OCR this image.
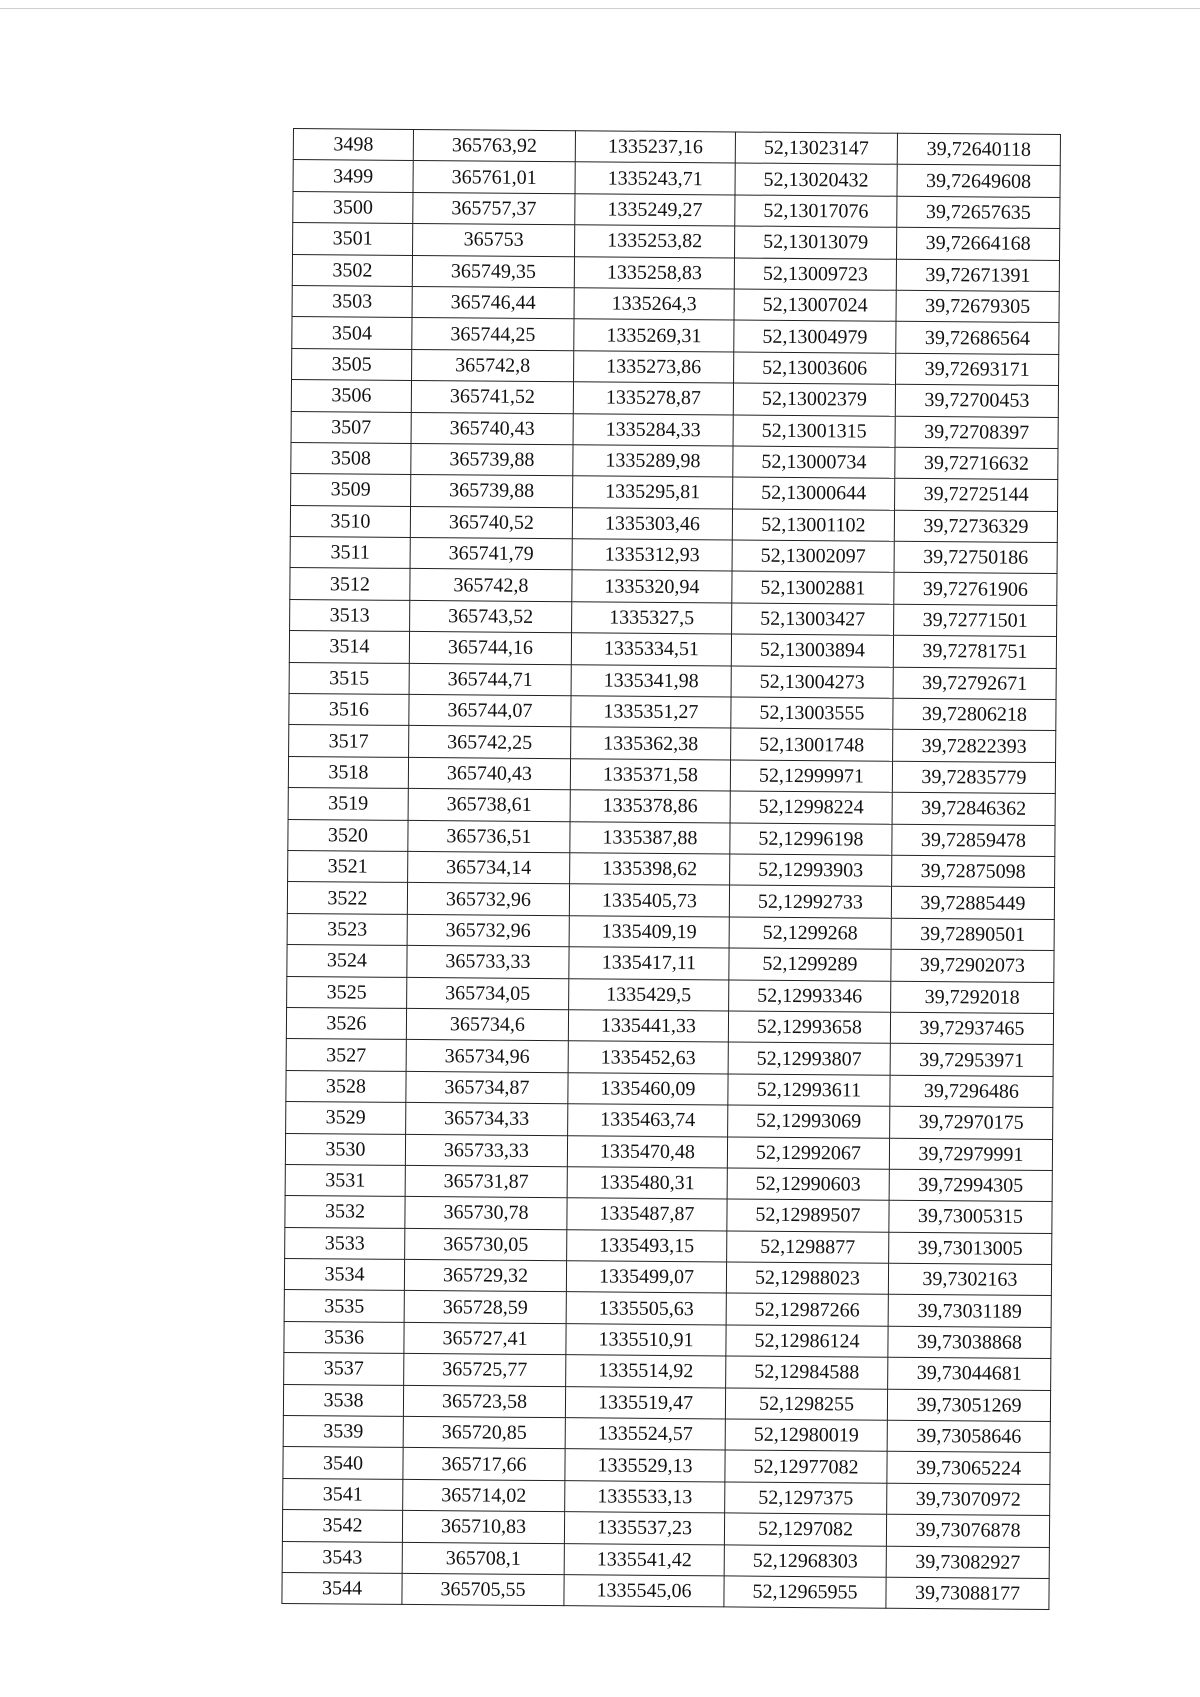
3498	365763,92	1335237,16	52,13023147	39,72640118
3499	365761,01	1335243,71	52,13020432	39,72649608
3500	365757,37	1335249,27	52,13017076	39,72657635
3501	365753	1335253,82	52,13013079	39,72664168
3502	365749,35	1335258,83	52,13009723	39,72671391
3503	365746,44	1335264,3	52,13007024	39,72679305
3504	365744,25	1335269,31	52,13004979	39,72686564
3505	365742,8	1335273,86	52,13003606	39,72693171
3506	365741,52	1335278,87	52,13002379	39,72700453
3507	365740,43	1335284,33	52,13001315	39,72708397
3508	365739,88	1335289,98	52,13000734	39,72716632
3509	365739,88	1335295,81	52,13000644	39,72725144
3510	365740,52	1335303,46	52,13001102	39,72736329
3511	365741,79	1335312,93	52,13002097	39,72750186
3512	365742,8	1335320,94	52,13002881	39,72761906
3513	365743,52	1335327,5	52,13003427	39,72771501
3514	365744,16	1335334,51	52,13003894	39,72781751
3515	365744,71	1335341,98	52,13004273	39,72792671
3516	365744,07	1335351,27	52,13003555	39,72806218
3517	365742,25	1335362,38	52,13001748	39,72822393
3518	365740,43	1335371,58	52,12999971	39,72835779
3519	365738,61	1335378,86	52,12998224	39,72846362
3520	365736,51	1335387,88	52,12996198	39,72859478
3521	365734,14	1335398,62	52,12993903	39,72875098
3522	365732,96	1335405,73	52,12992733	39,72885449
3523	365732,96	1335409,19	52,1299268	39,72890501
3524	365733,33	1335417,11	52,1299289	39,72902073
3525	365734,05	1335429,5	52,12993346	39,7292018
3526	365734,6	1335441,33	52,12993658	39,72937465
3527	365734,96	1335452,63	52,12993807	39,72953971
3528	365734,87	1335460,09	52,12993611	39,7296486
3529	365734,33	1335463,74	52,12993069	39,72970175
3530	365733,33	1335470,48	52,12992067	39,72979991
3531	365731,87	1335480,31	52,12990603	39,72994305
3532	365730,78	1335487,87	52,12989507	39,73005315
3533	365730,05	1335493,15	52,1298877	39,73013005
3534	365729,32	1335499,07	52,12988023	39,7302163
3535	365728,59	1335505,63	52,12987266	39,73031189
3536	365727,41	1335510,91	52,12986124	39,73038868
3537	365725,77	1335514,92	52,12984588	39,73044681
3538	365723,58	1335519,47	52,1298255	39,73051269
3539	365720,85	1335524,57	52,12980019	39,73058646
3540	365717,66	1335529,13	52,12977082	39,73065224
3541	365714,02	1335533,13	52,1297375	39,73070972
3542	365710,83	1335537,23	52,1297082	39,73076878
3543	365708,1	1335541,42	52,12968303	39,73082927
3544	365705,55	1335545,06	52,12965955	39,73088177
